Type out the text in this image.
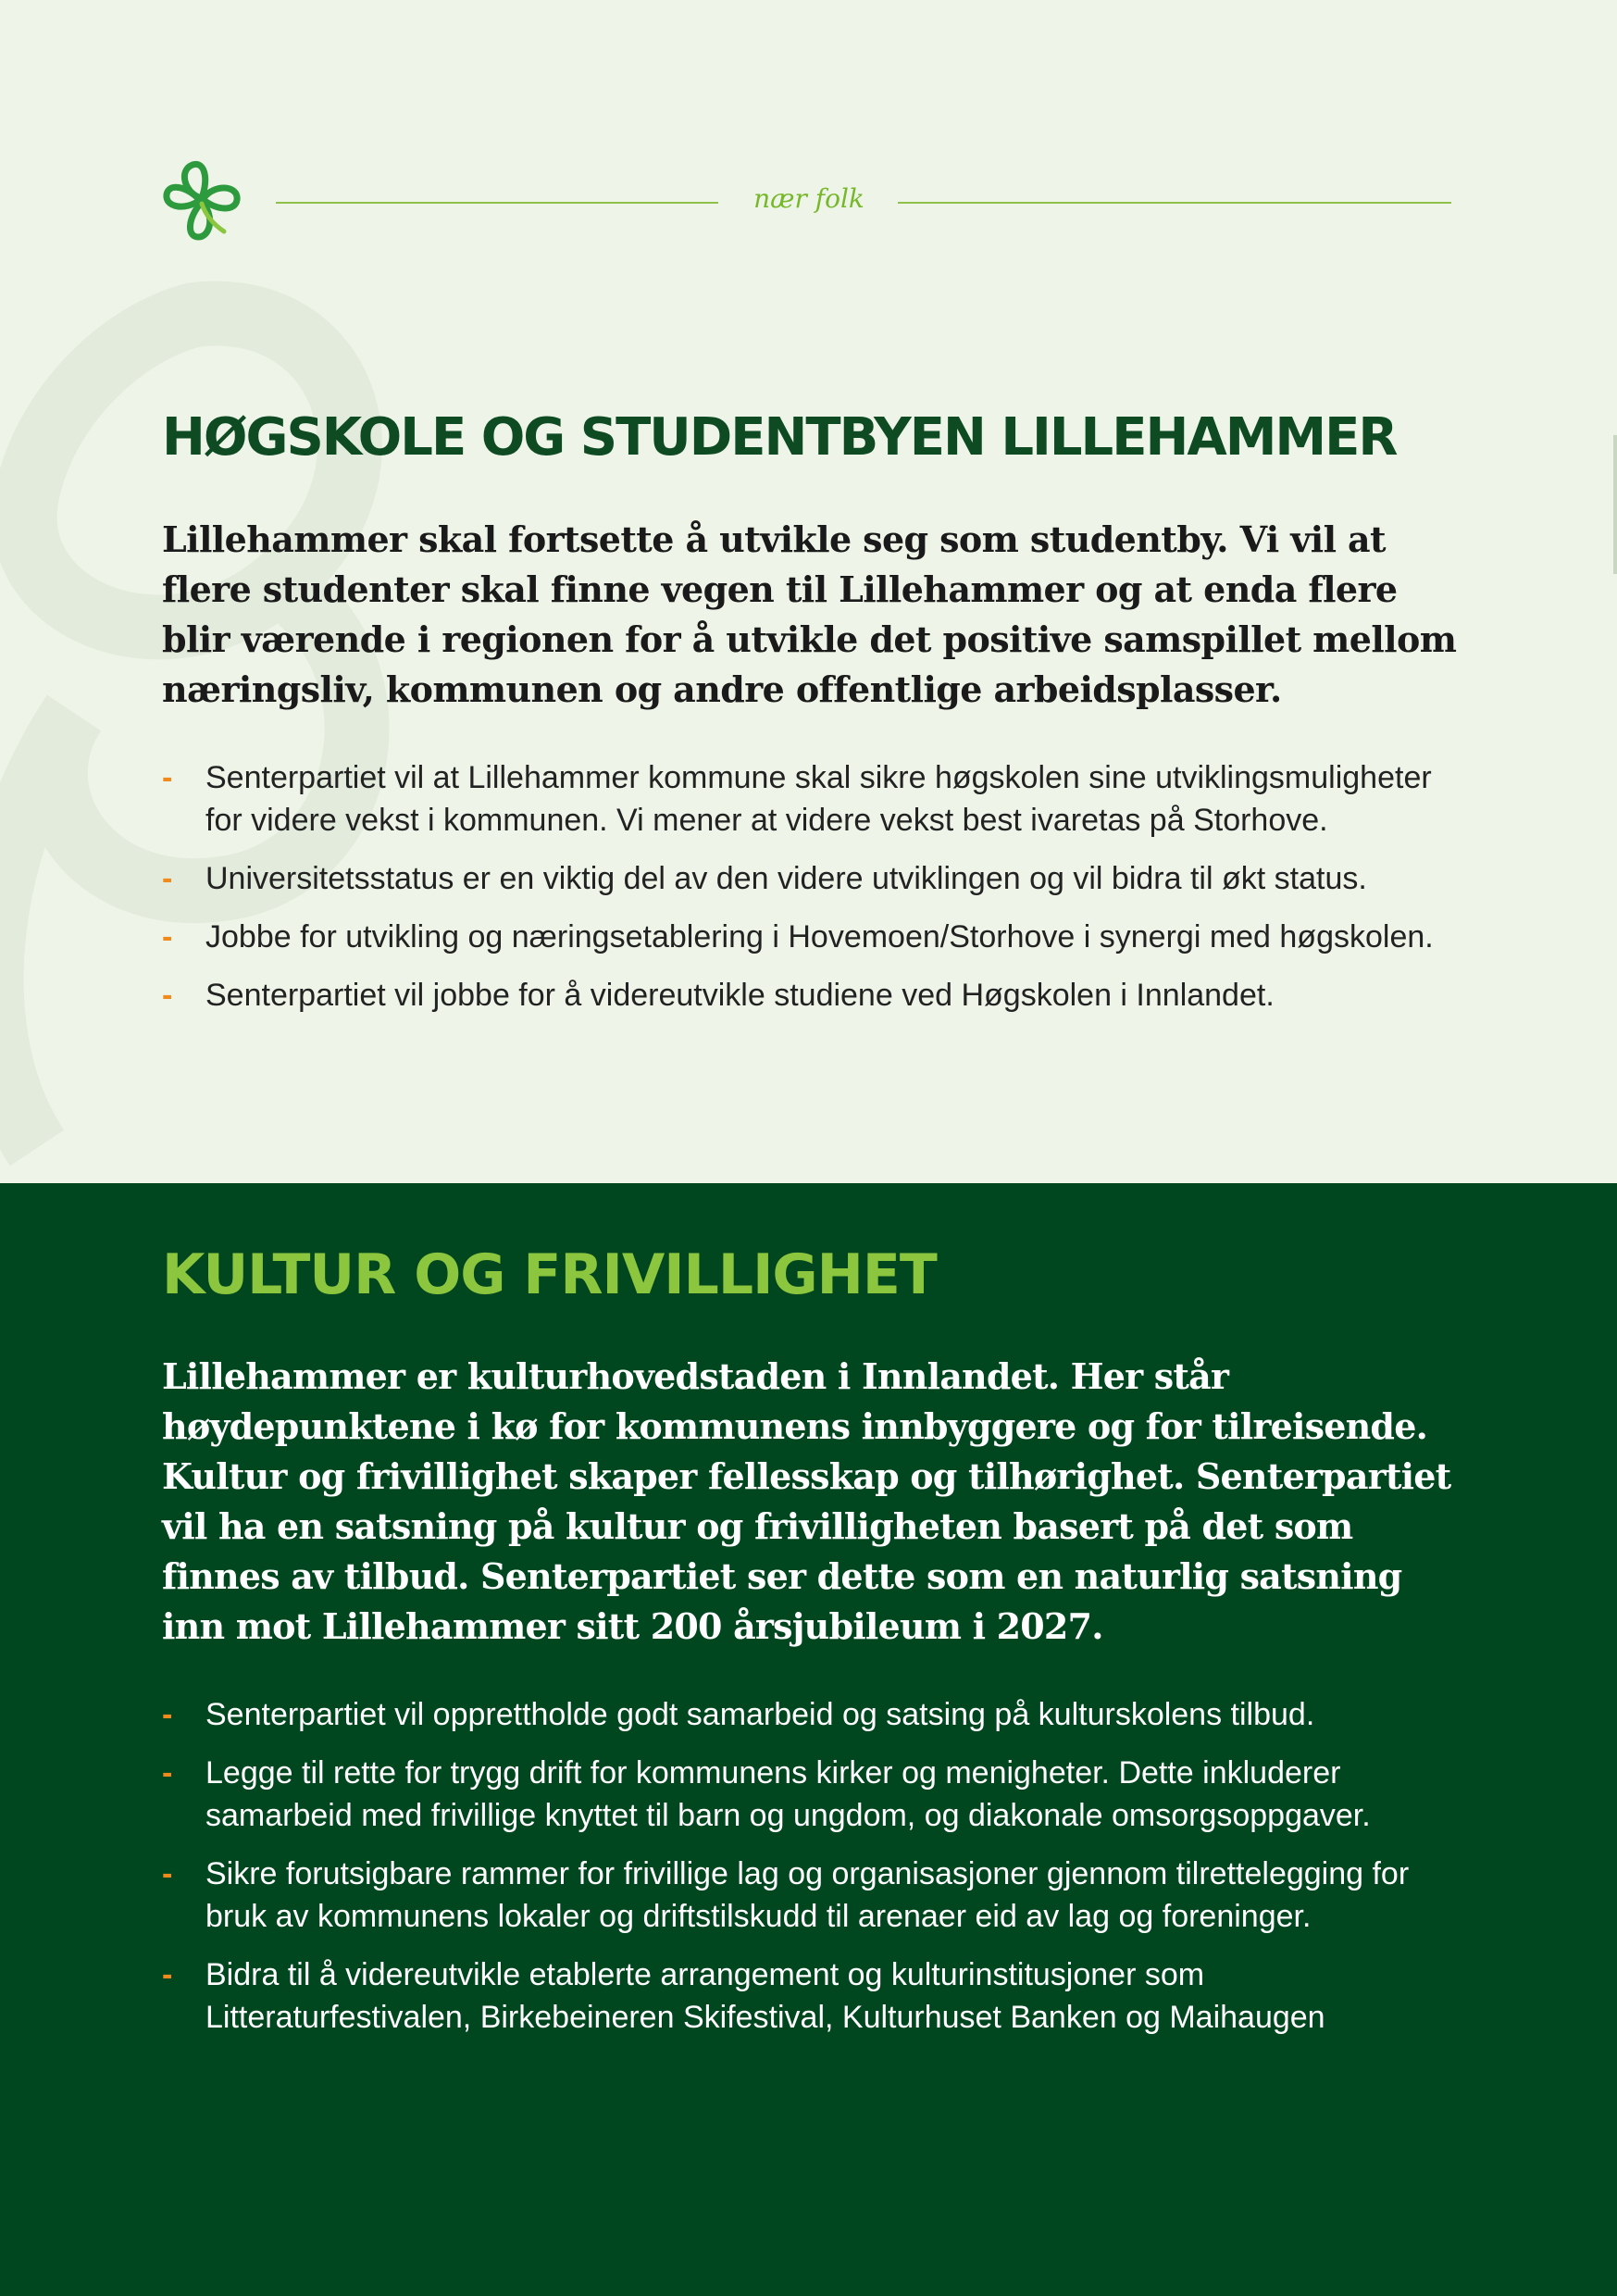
nær folk
HØGSKOLE OG STUDENTBYEN LILLEHAMMER

Lillehammer skal fortsette å utvikle seg som studentby. Vi vil at flere studenter skal finne vegen til Lillehammer og at enda flere blir værende i regionen for å utvikle det positive samspillet mellom næringsliv, kommunen og andre offentlige arbeidsplasser.

- Senterpartiet vil at Lillehammer kommune skal sikre høgskolen sine utviklingsmuligheter for videre vekst i kommunen. Vi mener at videre vekst best ivaretas på Storhove.
- Universitetsstatus er en viktig del av den videre utviklingen og vil bidra til økt status.
- Jobbe for utvikling og næringsetablering i Hovemoen/Storhove i synergi med høgskolen.
- Senterpartiet vil jobbe for å videreutvikle studiene ved Høgskolen i Innlandet.
KULTUR OG FRIVILLIGHET

Lillehammer er kulturhovedstaden i Innlandet. Her står høydepunktene i kø for kommunens innbyggere og for tilreisende. Kultur og frivillighet skaper fellesskap og tilhørighet. Senterpartiet vil ha en satsning på kultur og frivilligheten basert på det som finnes av tilbud. Senterpartiet ser dette som en naturlig satsning inn mot Lillehammer sitt 200 årsjubileum i 2027.

- Senterpartiet vil opprettholde godt samarbeid og satsing på kulturskolens tilbud.
- Legge til rette for trygg drift for kommunens kirker og menigheter. Dette inkluderer samarbeid med frivillige knyttet til barn og ungdom, og diakonale omsorgsoppgaver.
- Sikre forutsigbare rammer for frivillige lag og organisasjoner gjennom tilrettelegging for bruk av kommunens lokaler og driftstilskudd til arenaer eid av lag og foreninger.
- Bidra til å videreutvikle etablerte arrangement og kulturinstitusjoner som Litteraturfestivalen, Birkebeineren Skifestival, Kulturhuset Banken og Maihaugen
